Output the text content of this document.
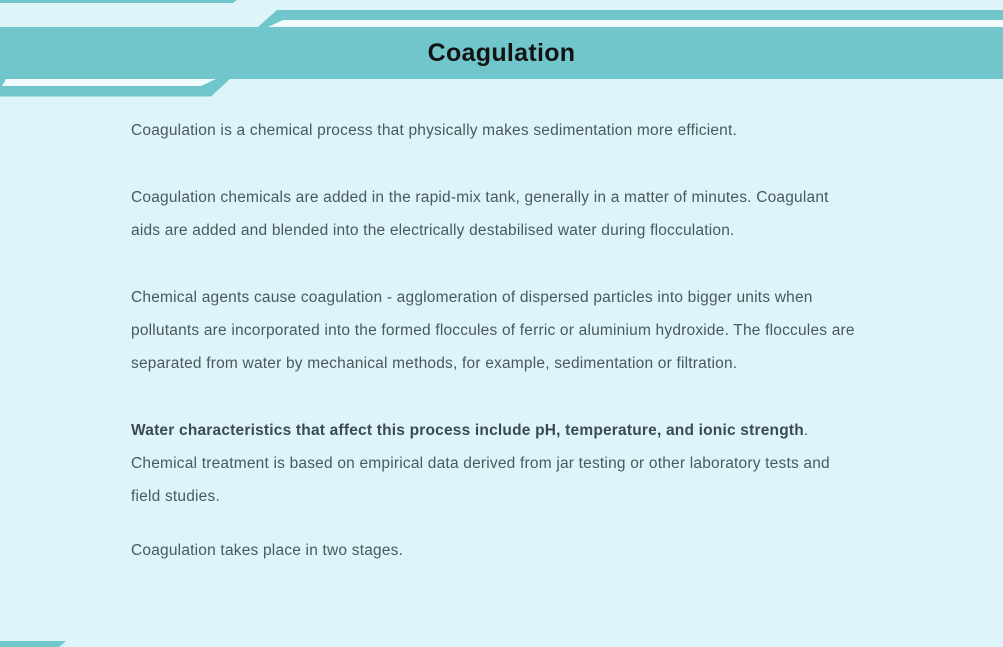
Coagulation

Coagulation is a chemical process that physically makes sedimentation more efficient.

Coagulation chemicals are added in the rapid-mix tank, generally in a matter of minutes. Coagulant aids are added and blended into the electrically destabilised water during flocculation.

Chemical agents cause coagulation - agglomeration of dispersed particles into bigger units when pollutants are incorporated into the formed floccules of ferric or aluminium hydroxide. The floccules are separated from water by mechanical methods, for example, sedimentation or filtration.

Water characteristics that affect this process include pH, temperature, and ionic strength. Chemical treatment is based on empirical data derived from jar testing or other laboratory tests and field studies.

Coagulation takes place in two stages.
